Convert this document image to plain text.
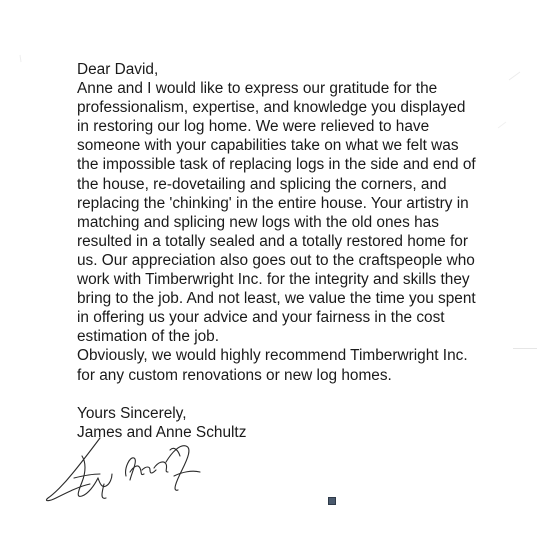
Dear David,
Anne and I would like to express our gratitude for the
professionalism, expertise, and knowledge you displayed
in restoring our log home. We were relieved to have
someone with your capabilities take on what we felt was
the impossible task of replacing logs in the side and end of
the house, re-dovetailing and splicing the corners, and
replacing the 'chinking' in the entire house. Your artistry in
matching and splicing new logs with the old ones has
resulted in a totally sealed and a totally restored home for
us. Our appreciation also goes out to the craftspeople who
work with Timberwright Inc. for the integrity and skills they
bring to the job. And not least, we value the time you spent
in offering us your advice and your fairness in the cost
estimation of the job.
Obviously, we would highly recommend Timberwright Inc.
for any custom renovations or new log homes.
Yours Sincerely,
James and Anne Schultz
